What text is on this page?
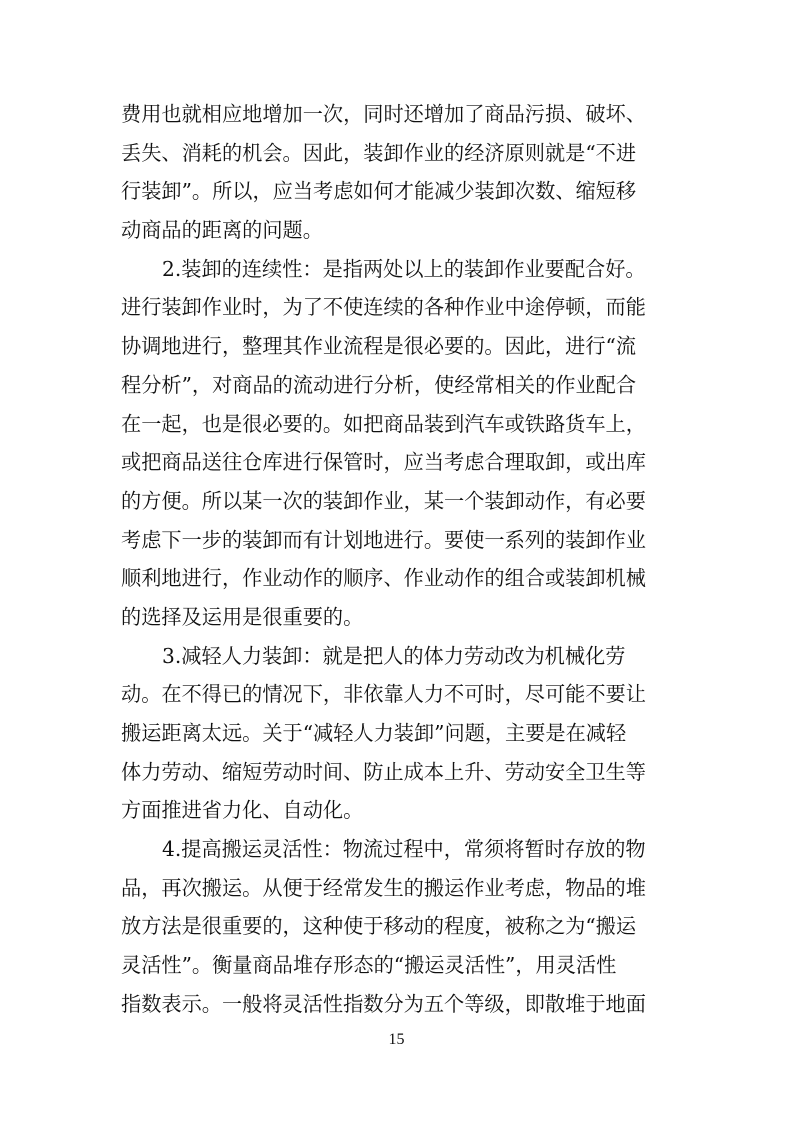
费用也就相应地增加一次，同时还增加了商品污损、破坏、
丢失、消耗的机会。因此，装卸作业的经济原则就是“不进
行装卸”。所以，应当考虑如何才能减少装卸次数、缩短移
动商品的距离的问题。
2.装卸的连续性：是指两处以上的装卸作业要配合好。
进行装卸作业时，为了不使连续的各种作业中途停顿，而能
协调地进行，整理其作业流程是很必要的。因此，进行“流
程分析”，对商品的流动进行分析，使经常相关的作业配合
在一起，也是很必要的。如把商品装到汽车或铁路货车上，
或把商品送往仓库进行保管时，应当考虑合理取卸，或出库
的方便。所以某一次的装卸作业，某一个装卸动作，有必要
考虑下一步的装卸而有计划地进行。要使一系列的装卸作业
顺利地进行，作业动作的顺序、作业动作的组合或装卸机械
的选择及运用是很重要的。
3.减轻人力装卸：就是把人的体力劳动改为机械化劳
动。在不得已的情况下，非依靠人力不可时，尽可能不要让
搬运距离太远。关于“减轻人力装卸”问题，主要是在减轻
体力劳动、缩短劳动时间、防止成本上升、劳动安全卫生等
方面推进省力化、自动化。
4.提高搬运灵活性：物流过程中，常须将暂时存放的物
品，再次搬运。从便于经常发生的搬运作业考虑，物品的堆
放方法是很重要的，这种使于移动的程度，被称之为“搬运
灵活性”。衡量商品堆存形态的“搬运灵活性”，用灵活性
指数表示。一般将灵活性指数分为五个等级，即散堆于地面
15
